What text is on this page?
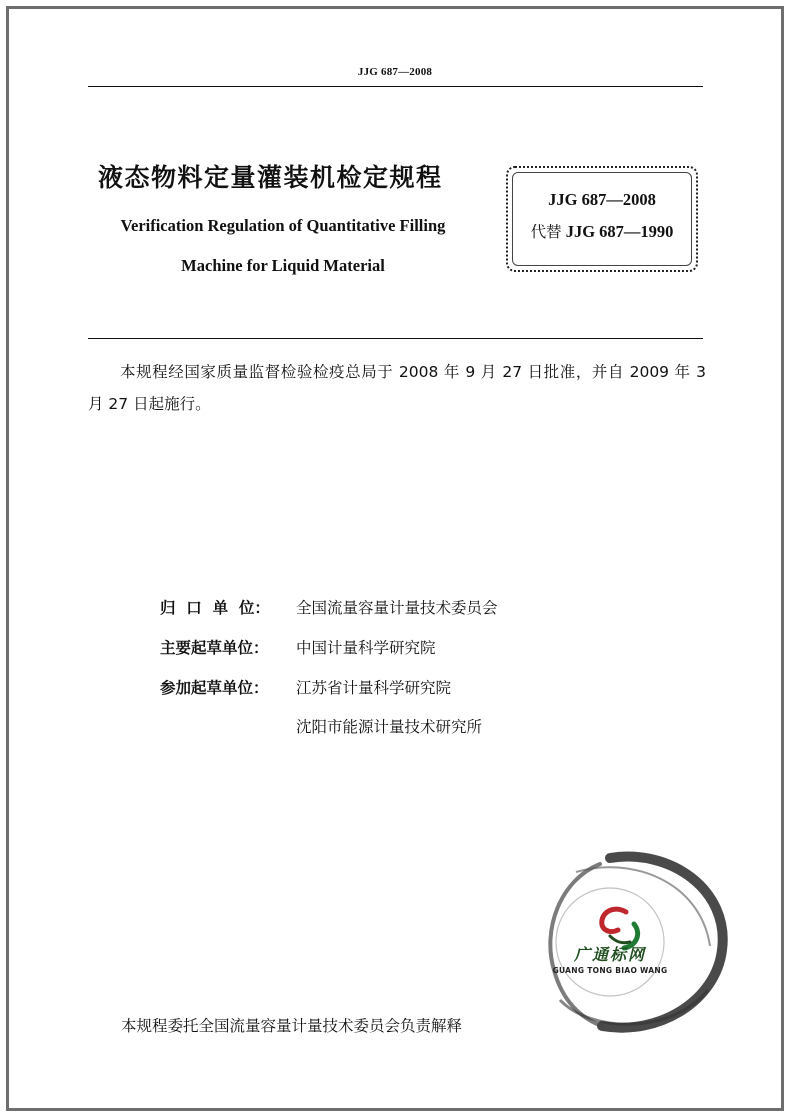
JJG 687—2008
液态物料定量灌装机检定规程
Verification Regulation of Quantitative Filling
Machine for Liquid Material
JJG 687—2008
代替 JJG 687—1990
本规程经国家质量监督检验检疫总局于 2008 年 9 月 27 日批准，并自 2009 年 3 月 27 日起施行。
归  口  单  位： 全国流量容量计量技术委员会
主要起草单位： 中国计量科学研究院
参加起草单位： 江苏省计量科学研究院
沈阳市能源计量技术研究所
广通标网
GUANG TONG BIAO WANG
本规程委托全国流量容量计量技术委员会负责解释
